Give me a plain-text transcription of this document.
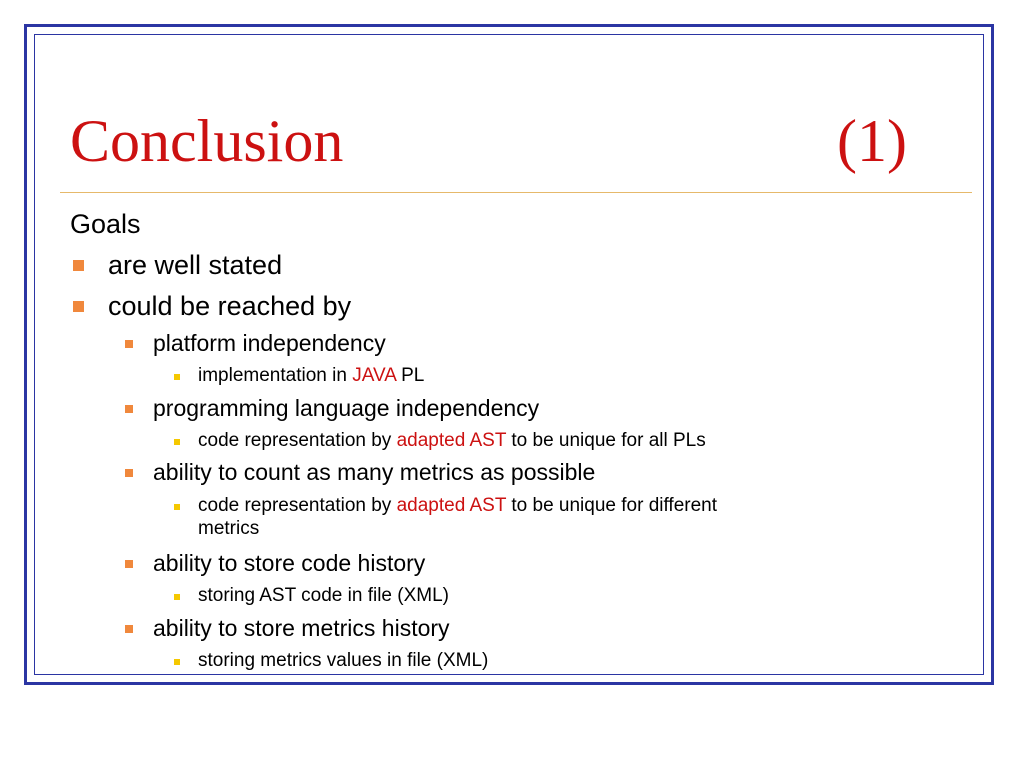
Conclusion	(1)
Goals
are well stated
could be reached by
platform independency
implementation in JAVA PL
programming language independency
code representation by adapted AST to be unique for all PLs
ability to count as many metrics as possible
code representation by adapted AST to be unique for different
metrics
ability to store code history
storing AST code in file (XML)
ability to store metrics history
storing metrics values in file (XML)
